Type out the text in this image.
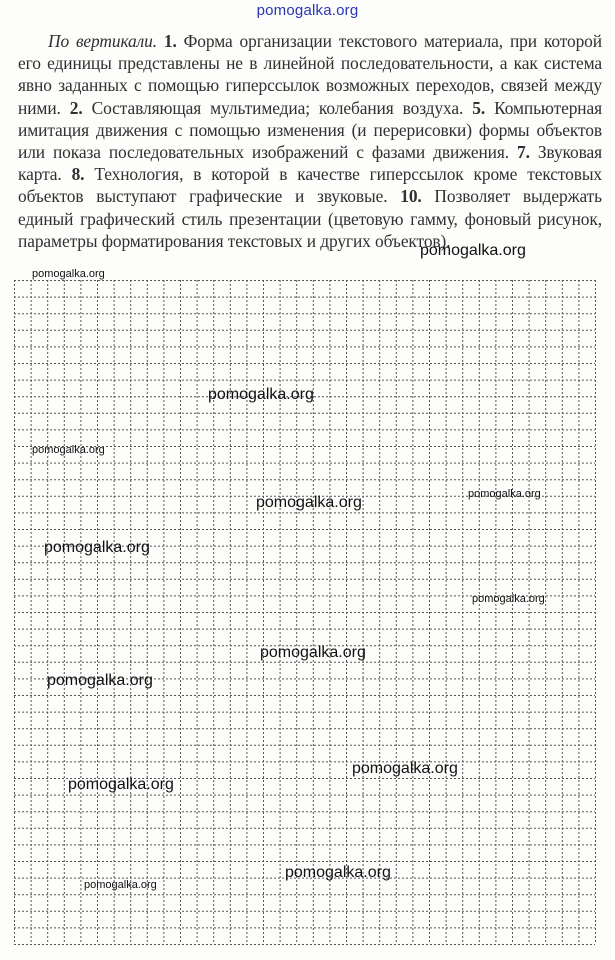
pomogalka.org
По вертикали. 1. Форма организации текстового материала, при которой его единицы представлены не в линейной последовательности, а как система явно заданных с помощью гиперссылок возможных переходов, связей между ними. 2. Составляющая мультимедиа; колебания воздуха. 5. Компьютерная имитация движения с помощью изменения (и перерисовки) формы объектов или показа последовательных изображений с фазами движения. 7. Звуковая карта. 8. Технология, в которой в качестве гиперссылок кроме текстовых объектов выступают графические и звуковые. 10. Позволяет выдержать единый графический стиль презентации (цветовую гамму, фоновый рисунок, параметры форматирования текстовых и других объектов).
pomogalka.org
pomogalka.org
pomogalka.org
pomogalka.org
pomogalka.org	pomogalka.org
pomogalka.org
pomogalka.org
pomogalka.org
pomogalka.org
pomogalka.org
pomogalka.org
pomogalka.org
pomogalka.org
